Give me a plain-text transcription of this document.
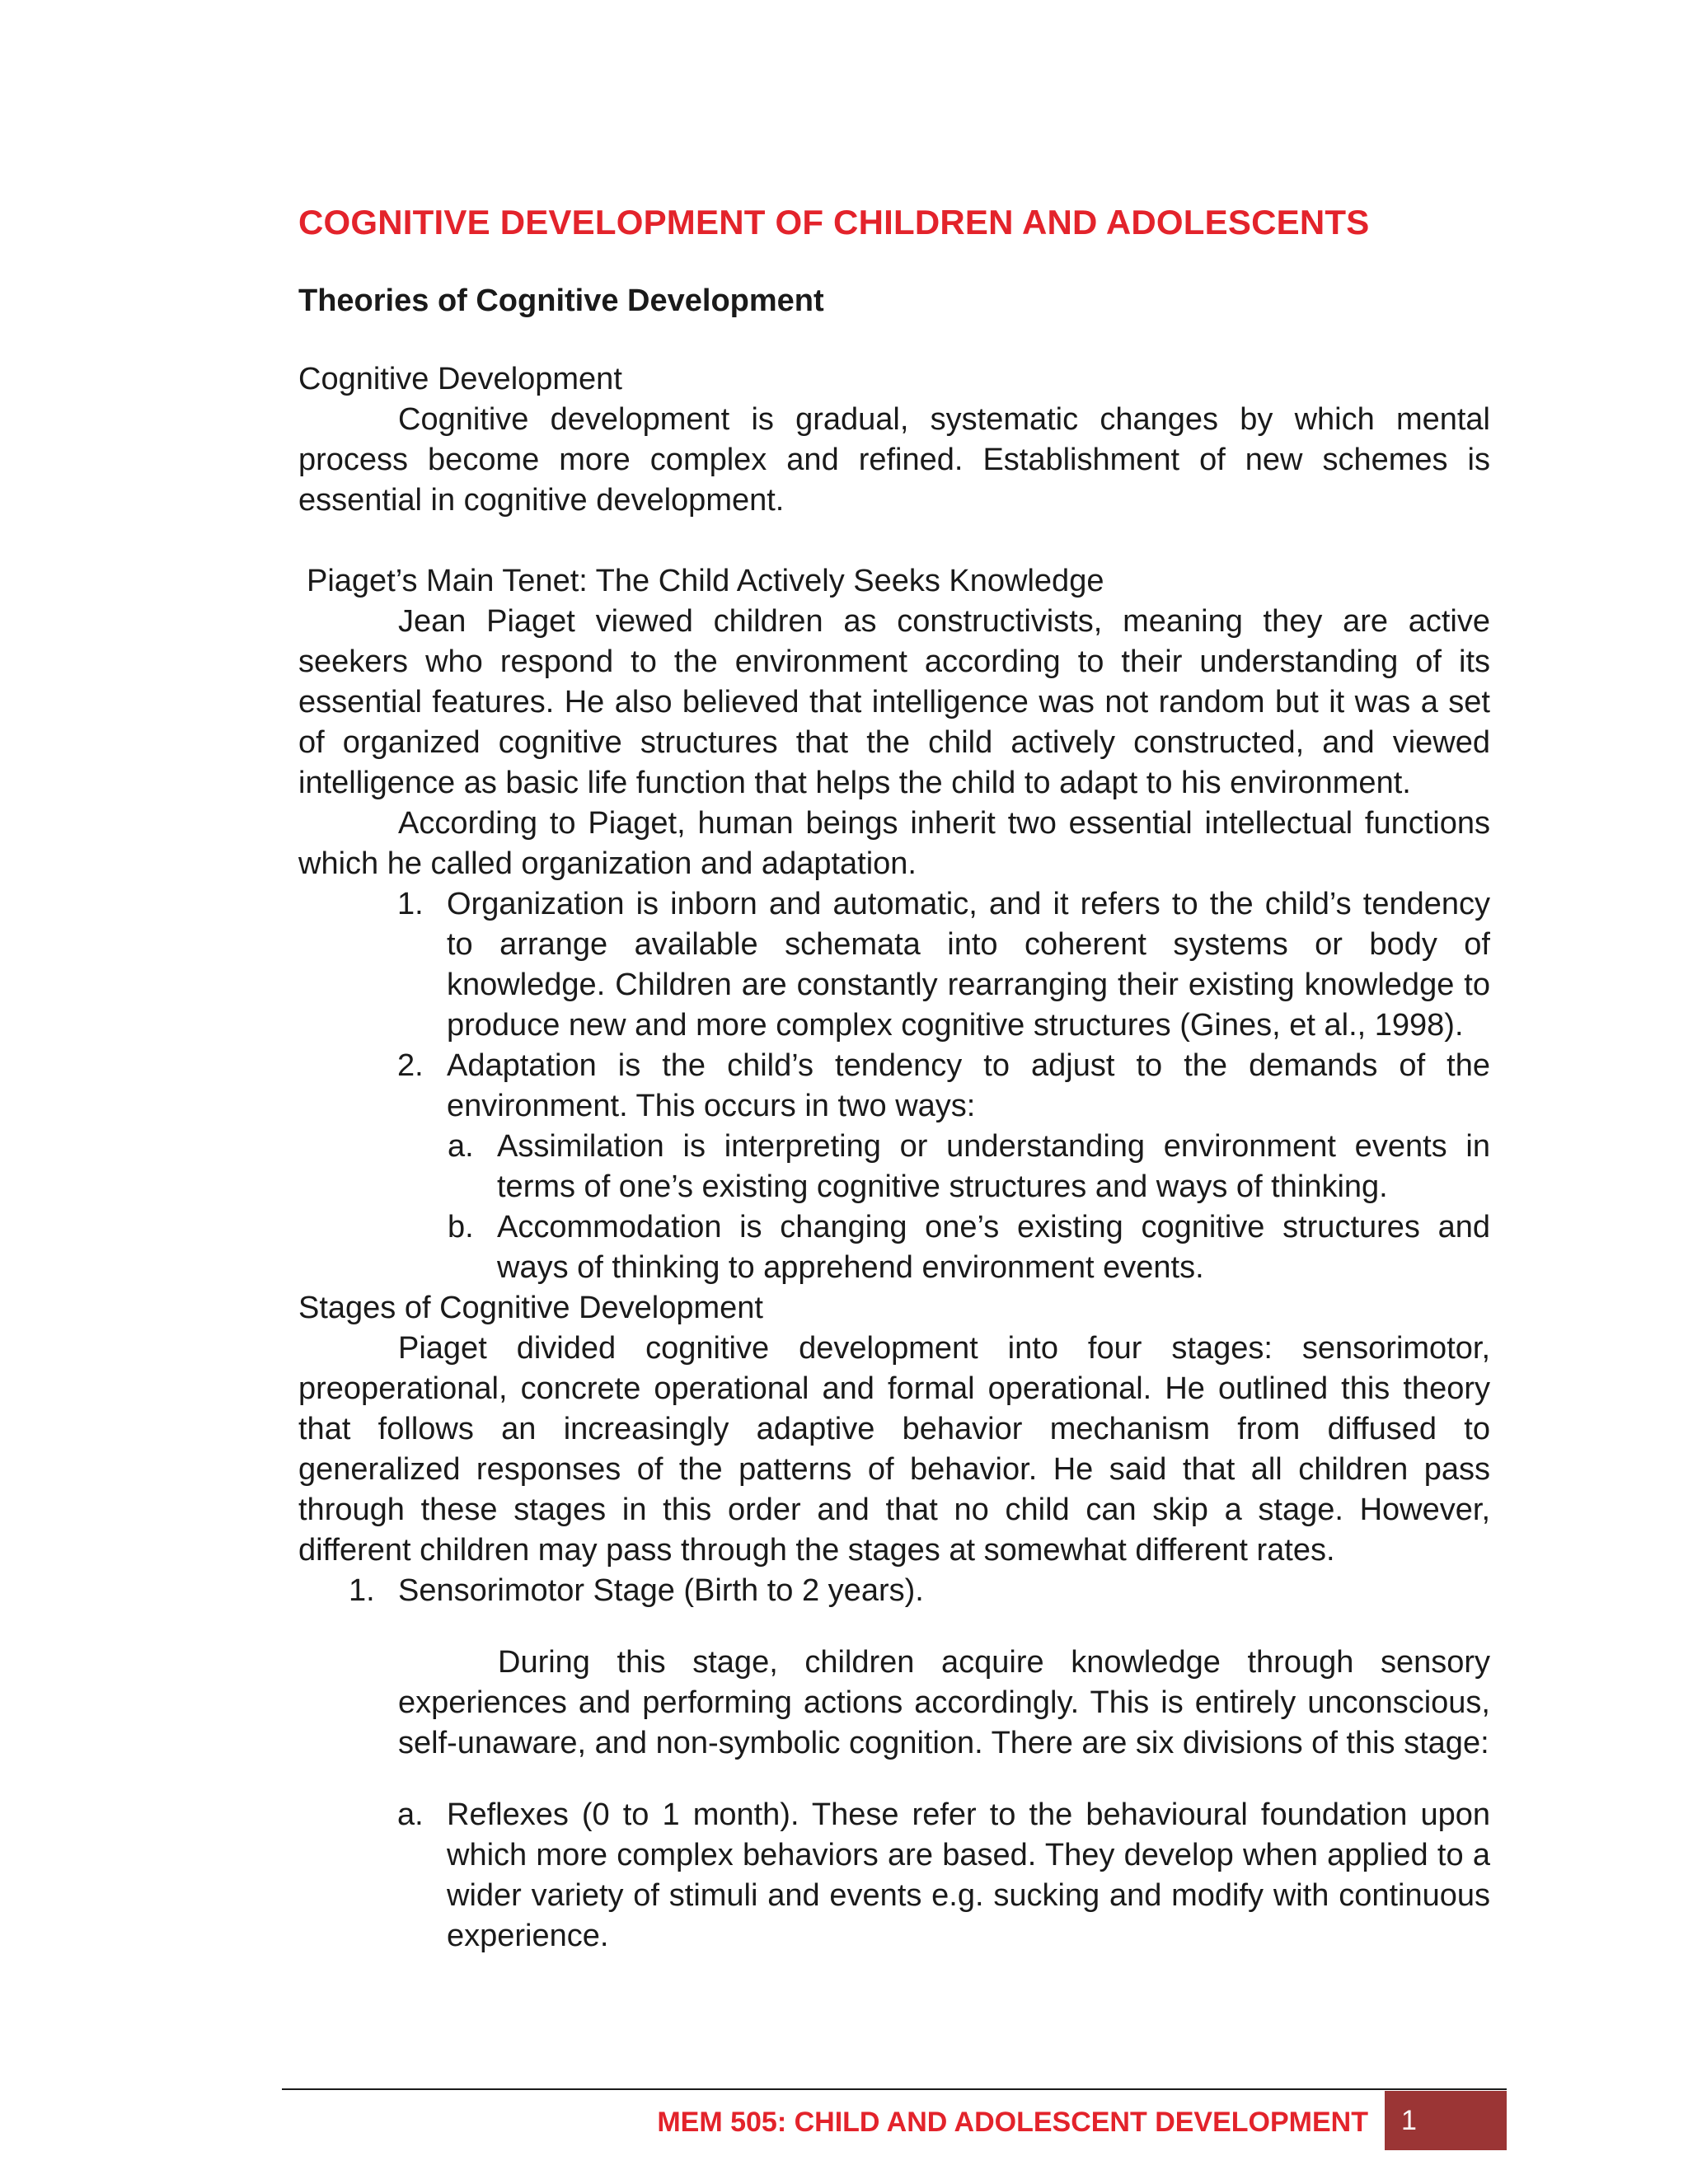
COGNITIVE DEVELOPMENT OF CHILDREN AND ADOLESCENTS
Theories of Cognitive Development

Cognitive Development

Cognitive development is gradual, systematic changes by which mental process become more complex and refined. Establishment of new schemes is essential in cognitive development.

Piaget’s Main Tenet: The Child Actively Seeks Knowledge

Jean Piaget viewed children as constructivists, meaning they are active seekers who respond to the environment according to their understanding of its essential features. He also believed that intelligence was not random but it was a set of organized cognitive structures that the child actively constructed, and viewed intelligence as basic life function that helps the child to adapt to his environment.

According to Piaget, human beings inherit two essential intellectual functions which he called organization and adaptation.

1. Organization is inborn and automatic, and it refers to the child’s tendency to arrange available schemata into coherent systems or body of knowledge. Children are constantly rearranging their existing knowledge to produce new and more complex cognitive structures (Gines, et al., 1998).
2. Adaptation is the child’s tendency to adjust to the demands of the environment. This occurs in two ways:
a. Assimilation is interpreting or understanding environment events in terms of one’s existing cognitive structures and ways of thinking.
b. Accommodation is changing one’s existing cognitive structures and ways of thinking to apprehend environment events.

Stages of Cognitive Development

Piaget divided cognitive development into four stages: sensorimotor, preoperational, concrete operational and formal operational. He outlined this theory that follows an increasingly adaptive behavior mechanism from diffused to generalized responses of the patterns of behavior. He said that all children pass through these stages in this order and that no child can skip a stage. However, different children may pass through the stages at somewhat different rates.

1. Sensorimotor Stage (Birth to 2 years).

During this stage, children acquire knowledge through sensory experiences and performing actions accordingly. This is entirely unconscious, self-unaware, and non-symbolic cognition. There are six divisions of this stage:

a. Reflexes (0 to 1 month). These refer to the behavioural foundation upon which more complex behaviors are based. They develop when applied to a wider variety of stimuli and events e.g. sucking and modify with continuous experience.
MEM 505: CHILD AND ADOLESCENT DEVELOPMENT	1
